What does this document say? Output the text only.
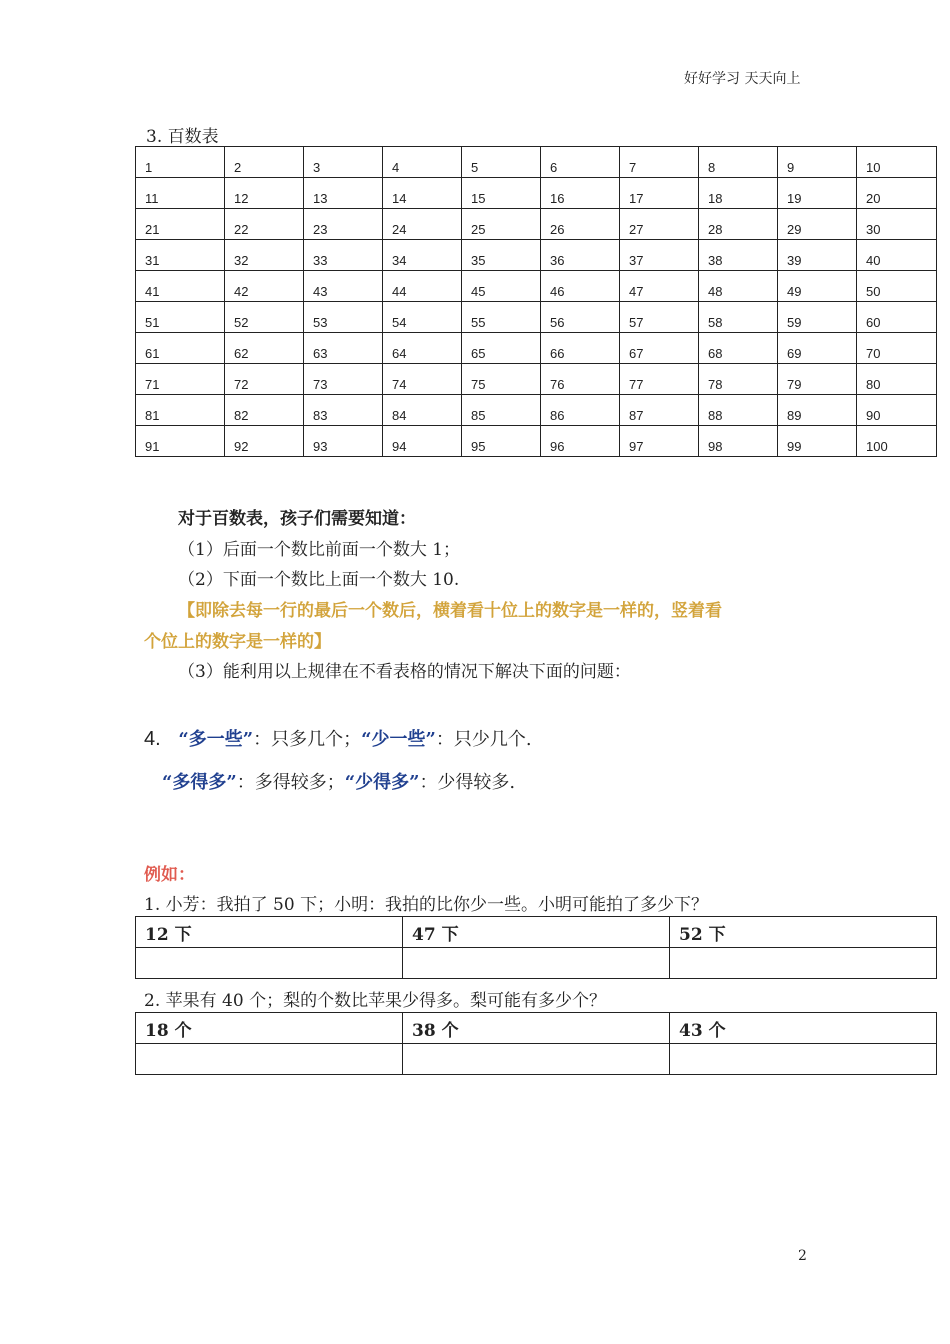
好好学习 天天向上
3. 百数表
1	2	3	4	5	6	7	8	9	10
11	12	13	14	15	16	17	18	19	20
21	22	23	24	25	26	27	28	29	30
31	32	33	34	35	36	37	38	39	40
41	42	43	44	45	46	47	48	49	50
51	52	53	54	55	56	57	58	59	60
61	62	63	64	65	66	67	68	69	70
71	72	73	74	75	76	77	78	79	80
81	82	83	84	85	86	87	88	89	90
91	92	93	94	95	96	97	98	99	100
对于百数表，孩子们需要知道：
（1）后面一个数比前面一个数大 1；
（2）下面一个数比上面一个数大 10.
【即除去每一行的最后一个数后，横着看十位上的数字是一样的，竖着看
个位上的数字是一样的】
（3）能利用以上规律在不看表格的情况下解决下面的问题：
4. “多一些”：只多几个；“少一些”：只少几个.
“多得多”：多得较多；“少得多”：少得较多.
例如：
1. 小芳：我拍了 50 下；小明：我拍的比你少一些。小明可能拍了多少下？
12 下	47 下	52 下

2. 苹果有 40 个；梨的个数比苹果少得多。梨可能有多少个？
18 个	38 个	43 个

2
